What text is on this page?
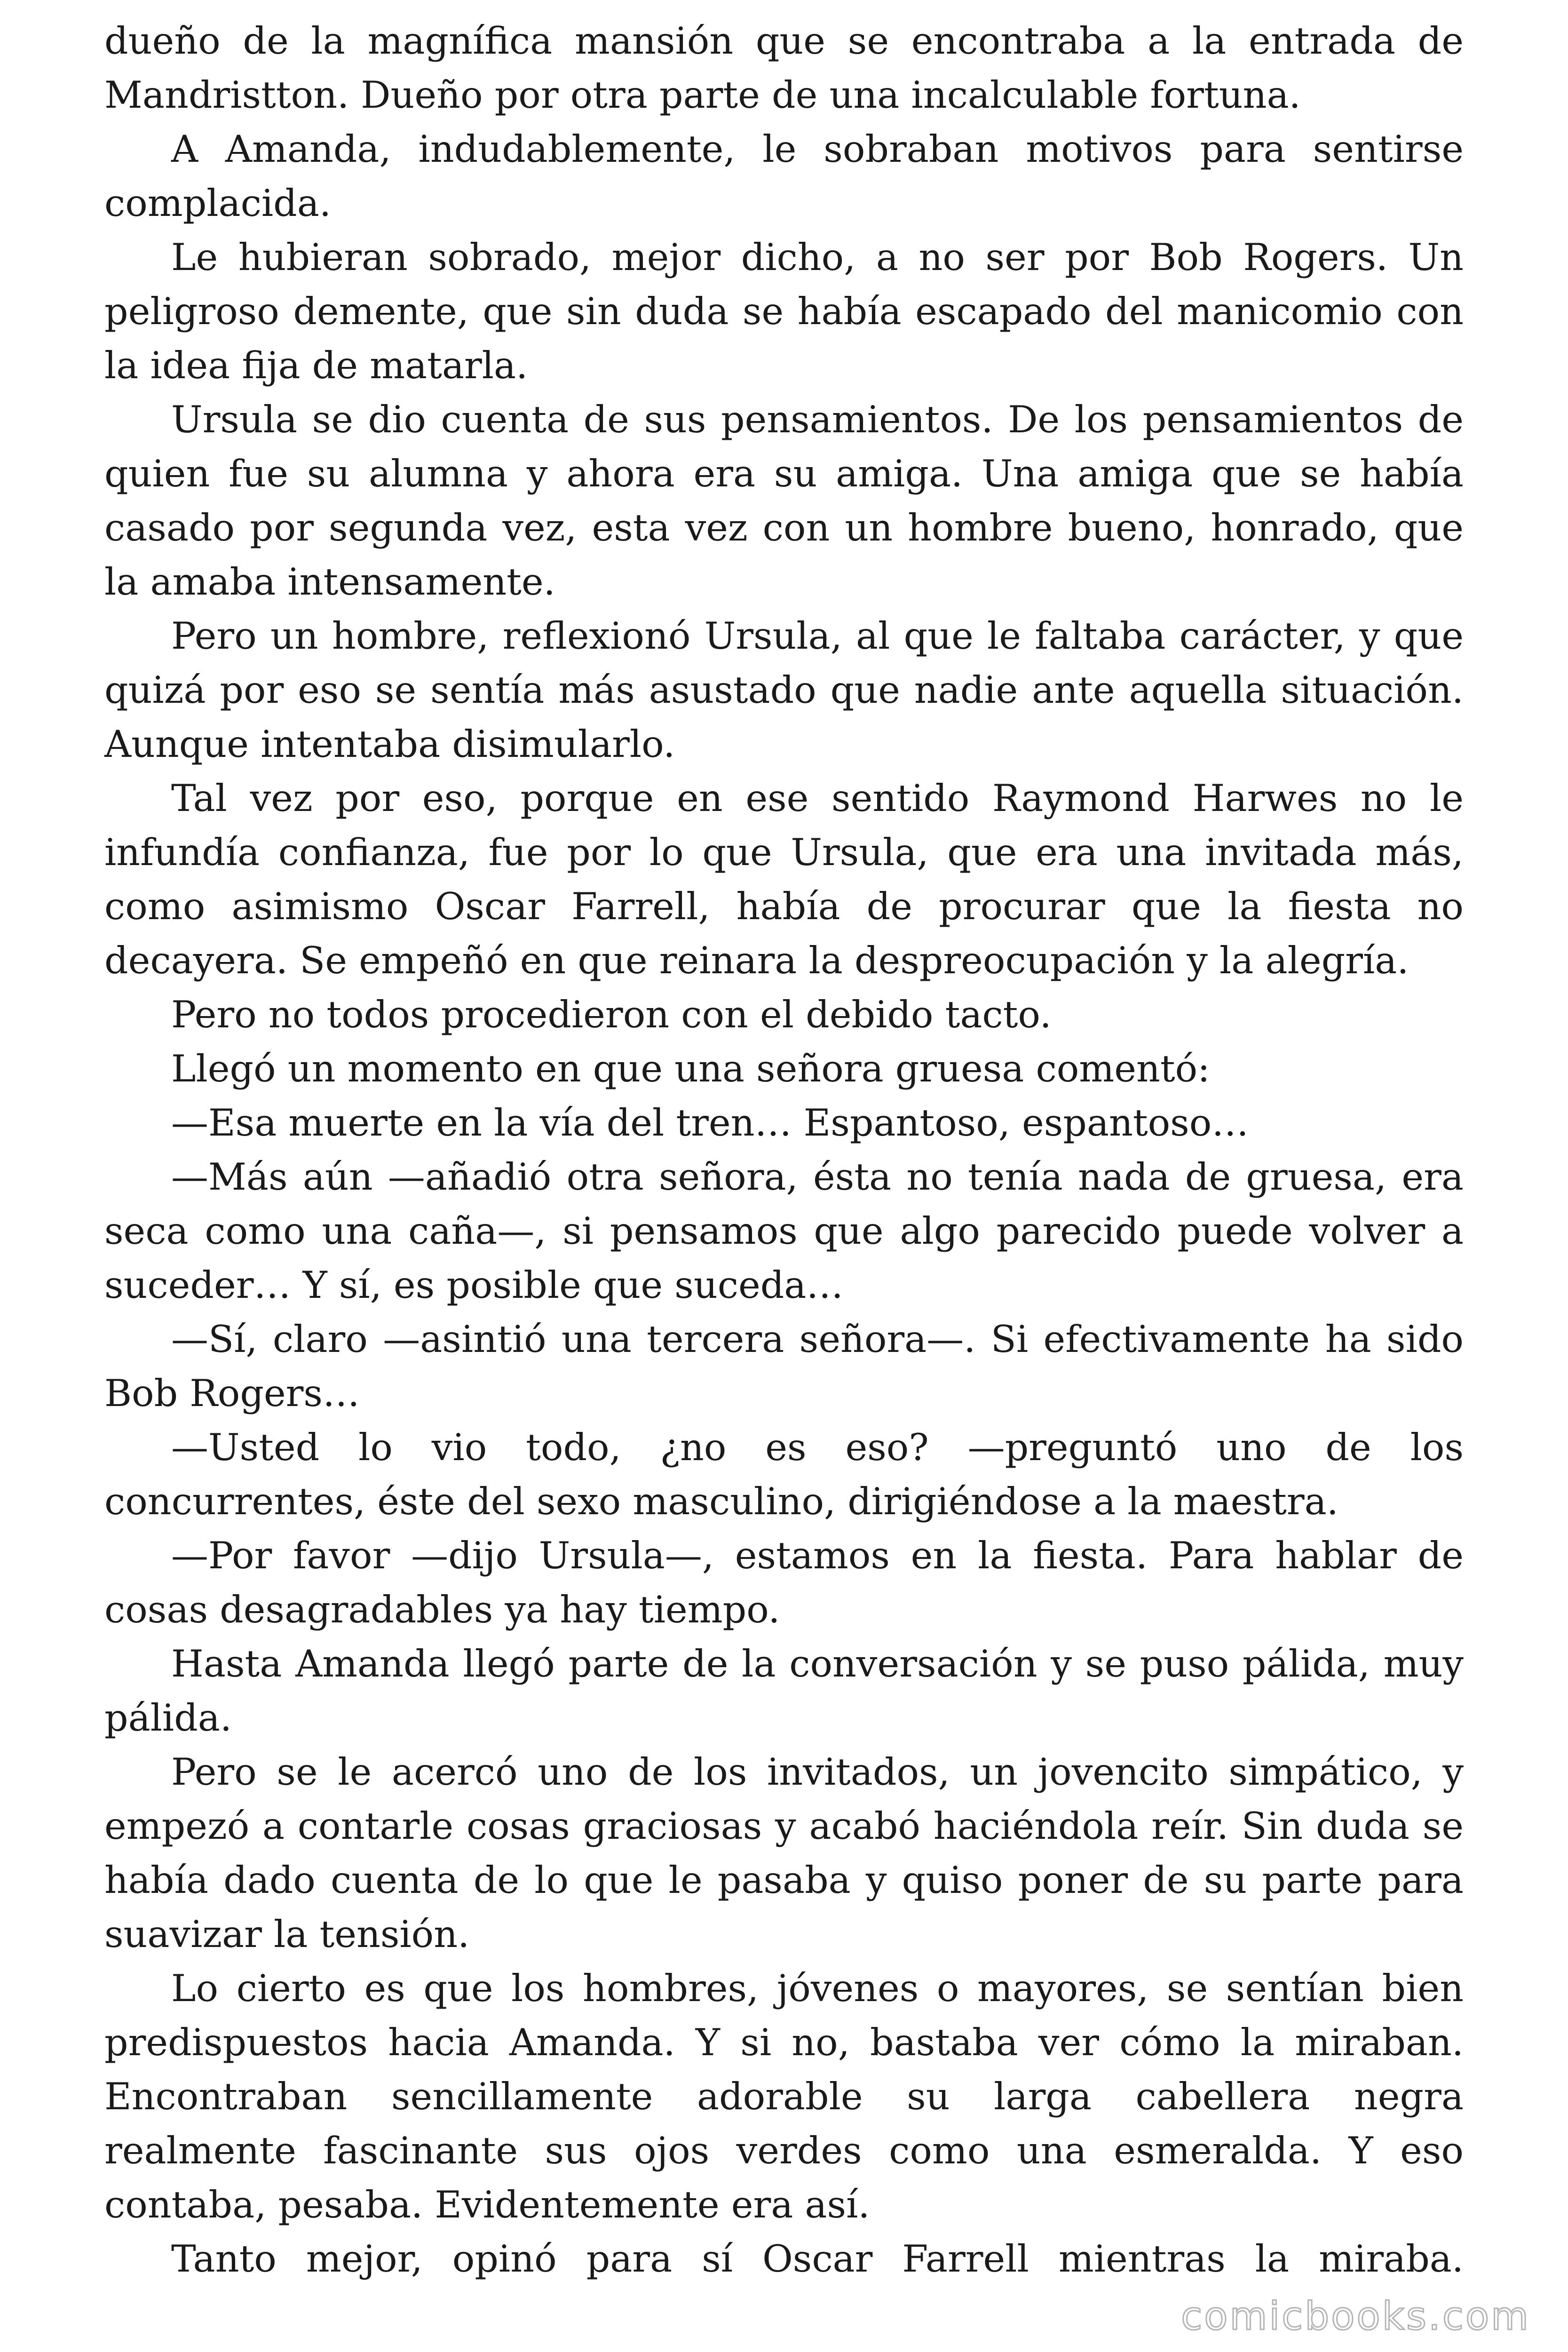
dueño de la magnífica mansión que se encontraba a la entrada de Mandristton. Dueño por otra parte de una incalculable fortuna.

A Amanda, indudablemente, le sobraban motivos para sentirse complacida.

Le hubieran sobrado, mejor dicho, a no ser por Bob Rogers. Un peligroso demente, que sin duda se había escapado del manicomio con la idea fija de matarla.

Ursula se dio cuenta de sus pensamientos. De los pensamientos de quien fue su alumna y ahora era su amiga. Una amiga que se había casado por segunda vez, esta vez con un hombre bueno, honrado, que la amaba intensamente.

Pero un hombre, reflexionó Ursula, al que le faltaba carácter, y que quizá por eso se sentía más asustado que nadie ante aquella situación. Aunque intentaba disimularlo.

Tal vez por eso, porque en ese sentido Raymond Harwes no le infundía confianza, fue por lo que Ursula, que era una invitada más, como asimismo Oscar Farrell, había de procurar que la fiesta no decayera. Se empeñó en que reinara la despreocupación y la alegría.

Pero no todos procedieron con el debido tacto.

Llegó un momento en que una señora gruesa comentó:

—Esa muerte en la vía del tren… Espantoso, espantoso…

—Más aún —añadió otra señora, ésta no tenía nada de gruesa, era seca como una caña—, si pensamos que algo parecido puede volver a suceder… Y sí, es posible que suceda…

—Sí, claro —asintió una tercera señora—. Si efectivamente ha sido Bob Rogers…

—Usted lo vio todo, ¿no es eso? —preguntó uno de los concurrentes, éste del sexo masculino, dirigiéndose a la maestra.

—Por favor —dijo Ursula—, estamos en la fiesta. Para hablar de cosas desagradables ya hay tiempo.

Hasta Amanda llegó parte de la conversación y se puso pálida, muy pálida.

Pero se le acercó uno de los invitados, un jovencito simpático, y empezó a contarle cosas graciosas y acabó haciéndola reír. Sin duda se había dado cuenta de lo que le pasaba y quiso poner de su parte para suavizar la tensión.

Lo cierto es que los hombres, jóvenes o mayores, se sentían bien predispuestos hacia Amanda. Y si no, bastaba ver cómo la miraban. Encontraban sencillamente adorable su larga cabellera negra realmente fascinante sus ojos verdes como una esmeralda. Y eso contaba, pesaba. Evidentemente era así.

Tanto mejor, opinó para sí Oscar Farrell mientras la miraba.

comicbooks.com
